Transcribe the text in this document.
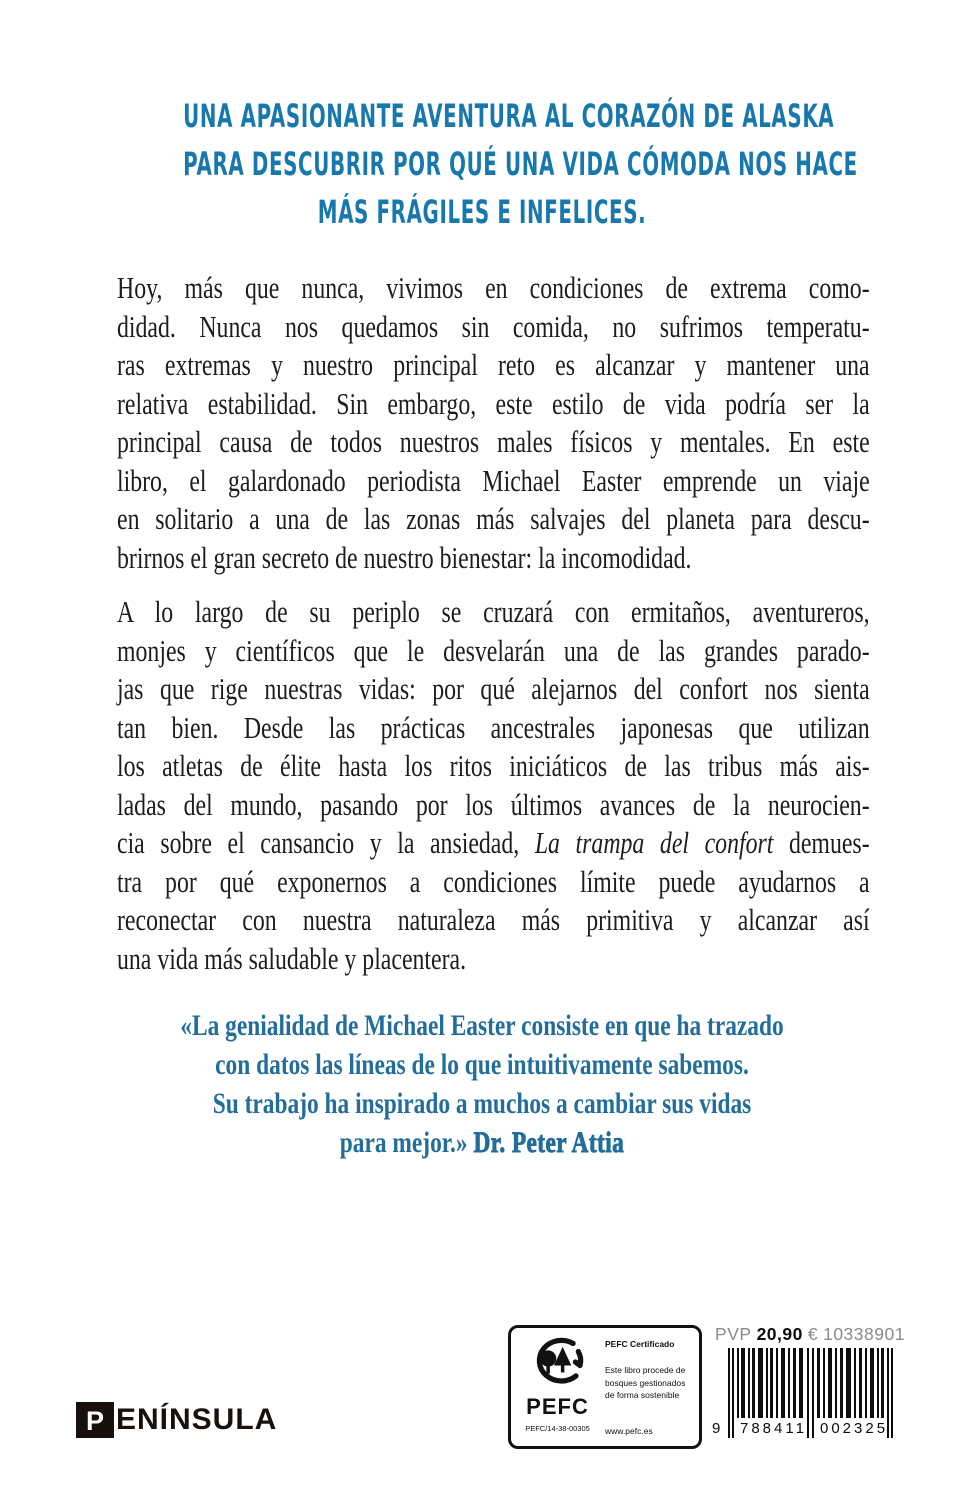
UNA APASIONANTE AVENTURA AL CORAZÓN DE ALASKA
PARA DESCUBRIR POR QUÉ UNA VIDA CÓMODA NOS HACE
MÁS FRÁGILES E INFELICES.
Hoy, más que nunca, vivimos en condiciones de extrema como-
didad. Nunca nos quedamos sin comida, no sufrimos temperatu-
ras extremas y nuestro principal reto es alcanzar y mantener una
relativa estabilidad. Sin embargo, este estilo de vida podría ser la
principal causa de todos nuestros males físicos y mentales. En este
libro, el galardonado periodista Michael Easter emprende un viaje
en solitario a una de las zonas más salvajes del planeta para descu-
brirnos el gran secreto de nuestro bienestar: la incomodidad.
A lo largo de su periplo se cruzará con ermitaños, aventureros,
monjes y científicos que le desvelarán una de las grandes parado-
jas que rige nuestras vidas: por qué alejarnos del confort nos sienta
tan bien. Desde las prácticas ancestrales japonesas que utilizan
los atletas de élite hasta los ritos iniciáticos de las tribus más ais-
ladas del mundo, pasando por los últimos avances de la neurocien-
cia sobre el cansancio y la ansiedad, La trampa del confort demues-
tra por qué exponernos a condiciones límite puede ayudarnos a
reconectar con nuestra naturaleza más primitiva y alcanzar así
una vida más saludable y placentera.
«La genialidad de Michael Easter consiste en que ha trazado
con datos las líneas de lo que intuitivamente sabemos.
Su trabajo ha inspirado a muchos a cambiar sus vidas
para mejor.» Dr. Peter Attia
P ENÍNSULA	PEFC
PEFC/14-38-00305
PEFC Certificado
Este libro procede de bosques gestionados de forma sostenible
www.pefc.es
PVP 20,90 € 10338901
9 788411 002325
